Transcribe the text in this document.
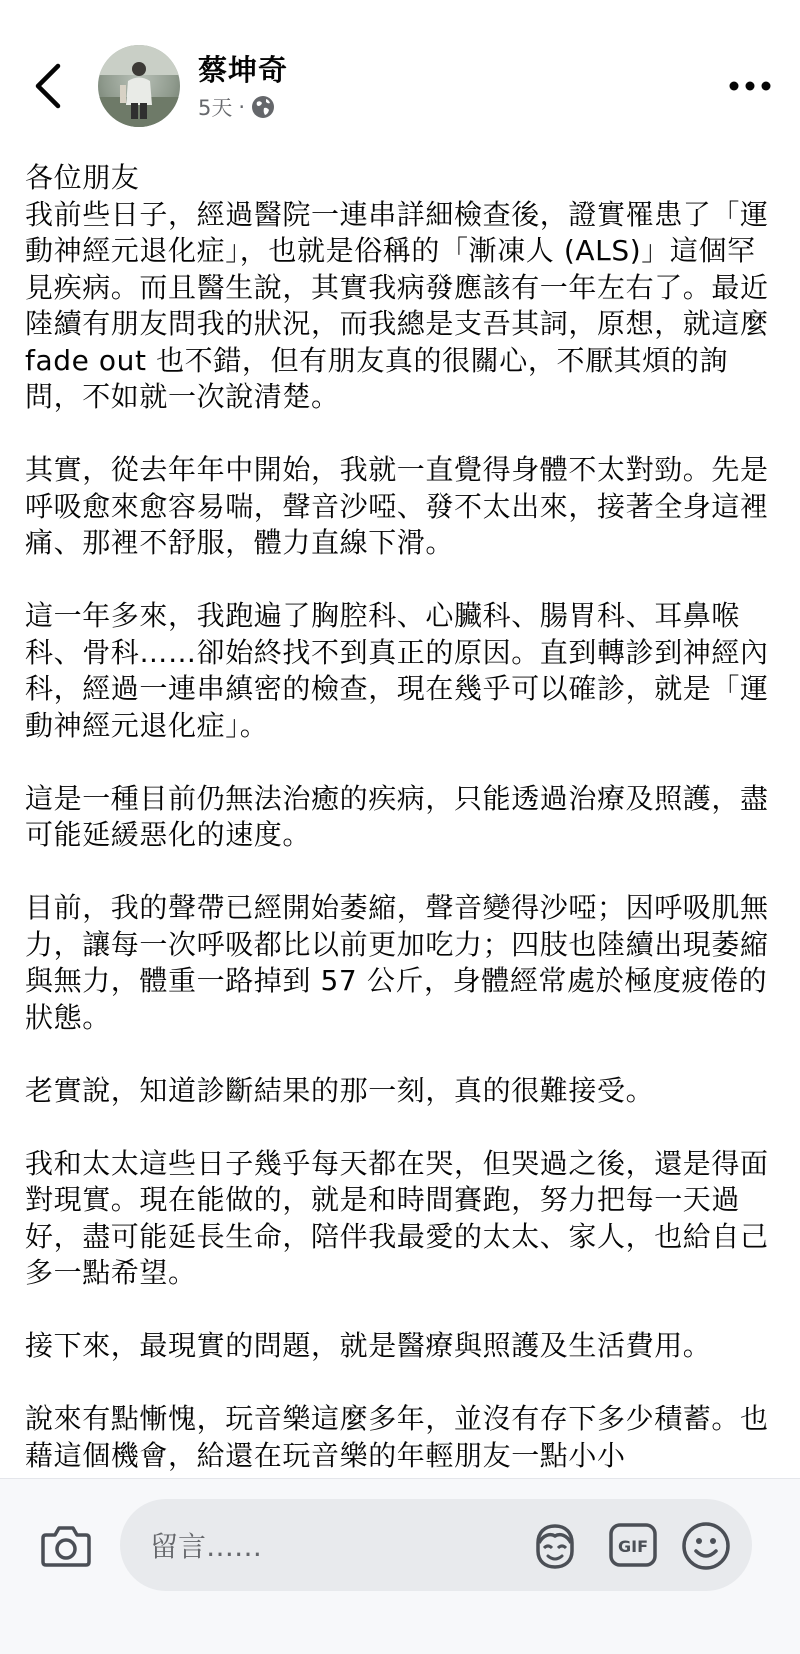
蔡坤奇
5天 ·

各位朋友
我前些日子，經過醫院一連串詳細檢查後，證實罹患了「運動神經元退化症」，也就是俗稱的「漸凍人 (ALS)」這個罕見疾病。而且醫生說，其實我病發應該有一年左右了。最近陸續有朋友問我的狀況，而我總是支吾其詞，原想，就這麼 fade out 也不錯，但有朋友真的很關心，不厭其煩的詢問，不如就一次說清楚。

其實，從去年年中開始，我就一直覺得身體不太對勁。先是呼吸愈來愈容易喘，聲音沙啞、發不太出來，接著全身這裡痛、那裡不舒服，體力直線下滑。

這一年多來，我跑遍了胸腔科、心臟科、腸胃科、耳鼻喉科、骨科……卻始終找不到真正的原因。直到轉診到神經內科，經過一連串縝密的檢查，現在幾乎可以確診，就是「運動神經元退化症」。

這是一種目前仍無法治癒的疾病，只能透過治療及照護，盡可能延緩惡化的速度。

目前，我的聲帶已經開始萎縮，聲音變得沙啞；因呼吸肌無力，讓每一次呼吸都比以前更加吃力；四肢也陸續出現萎縮與無力，體重一路掉到 57 公斤，身體經常處於極度疲倦的狀態。

老實說，知道診斷結果的那一刻，真的很難接受。

我和太太這些日子幾乎每天都在哭，但哭過之後，還是得面對現實。現在能做的，就是和時間賽跑，努力把每一天過好，盡可能延長生命，陪伴我最愛的太太、家人，也給自己多一點希望。

接下來，最現實的問題，就是醫療與照護及生活費用。

說來有點慚愧，玩音樂這麼多年，並沒有存下多少積蓄。也藉這個機會，給還在玩音樂的年輕朋友一點小小

留言……
GIF
